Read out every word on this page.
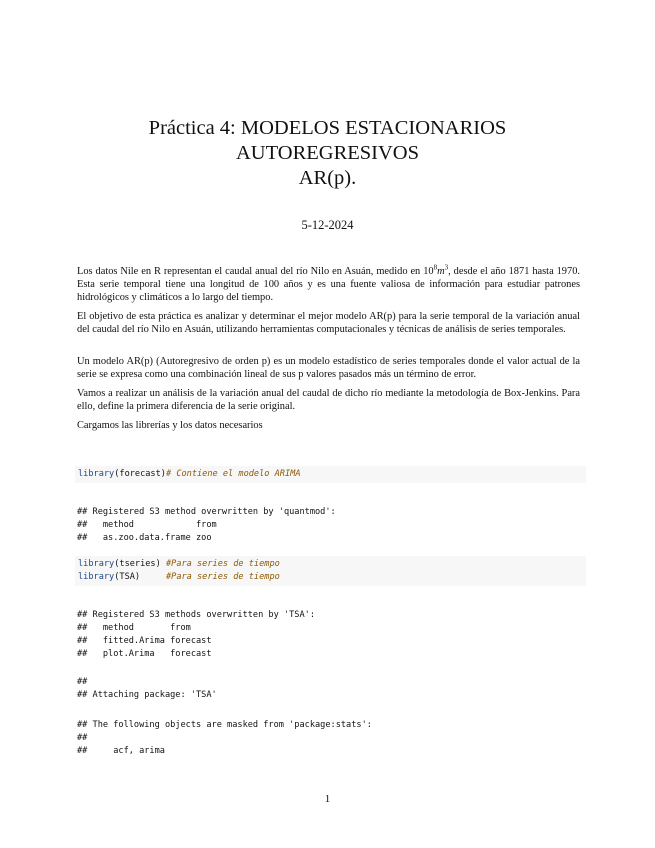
Práctica 4: MODELOS ESTACIONARIOS AUTOREGRESIVOS
AR(p).
5-12-2024

Los datos Nile en R representan el caudal anual del río Nilo en Asuán, medido en $10^8m^3$, desde el año 1871 hasta 1970. Esta serie temporal tiene una longitud de 100 años y es una fuente valiosa de información para estudiar patrones hidrológicos y climáticos a lo largo del tiempo.

El objetivo de esta práctica es analizar y determinar el mejor modelo AR(p) para la serie temporal de la variación anual del caudal del río Nilo en Asuán, utilizando herramientas computacionales y técnicas de análisis de series temporales.

Un modelo AR(p) (Autoregresivo de orden p) es un modelo estadístico de series temporales donde el valor actual de la serie se expresa como una combinación lineal de sus p valores pasados más un término de error.

Vamos a realizar un análisis de la variación anual del caudal de dicho río mediante la metodología de Box-Jenkins. Para ello, define la primera diferencia de la serie original.

Cargamos las librerías y los datos necesarios

library(forecast)# Contiene el modelo ARIMA
## Registered S3 method overwritten by 'quantmod':
##   method            from
##   as.zoo.data.frame zoo
library(tseries) #Para series de tiempo
library(TSA)     #Para series de tiempo
## Registered S3 methods overwritten by 'TSA':
##   method       from
##   fitted.Arima forecast
##   plot.Arima   forecast
##
## Attaching package: 'TSA'
## The following objects are masked from 'package:stats':
##
##     acf, arima
1
